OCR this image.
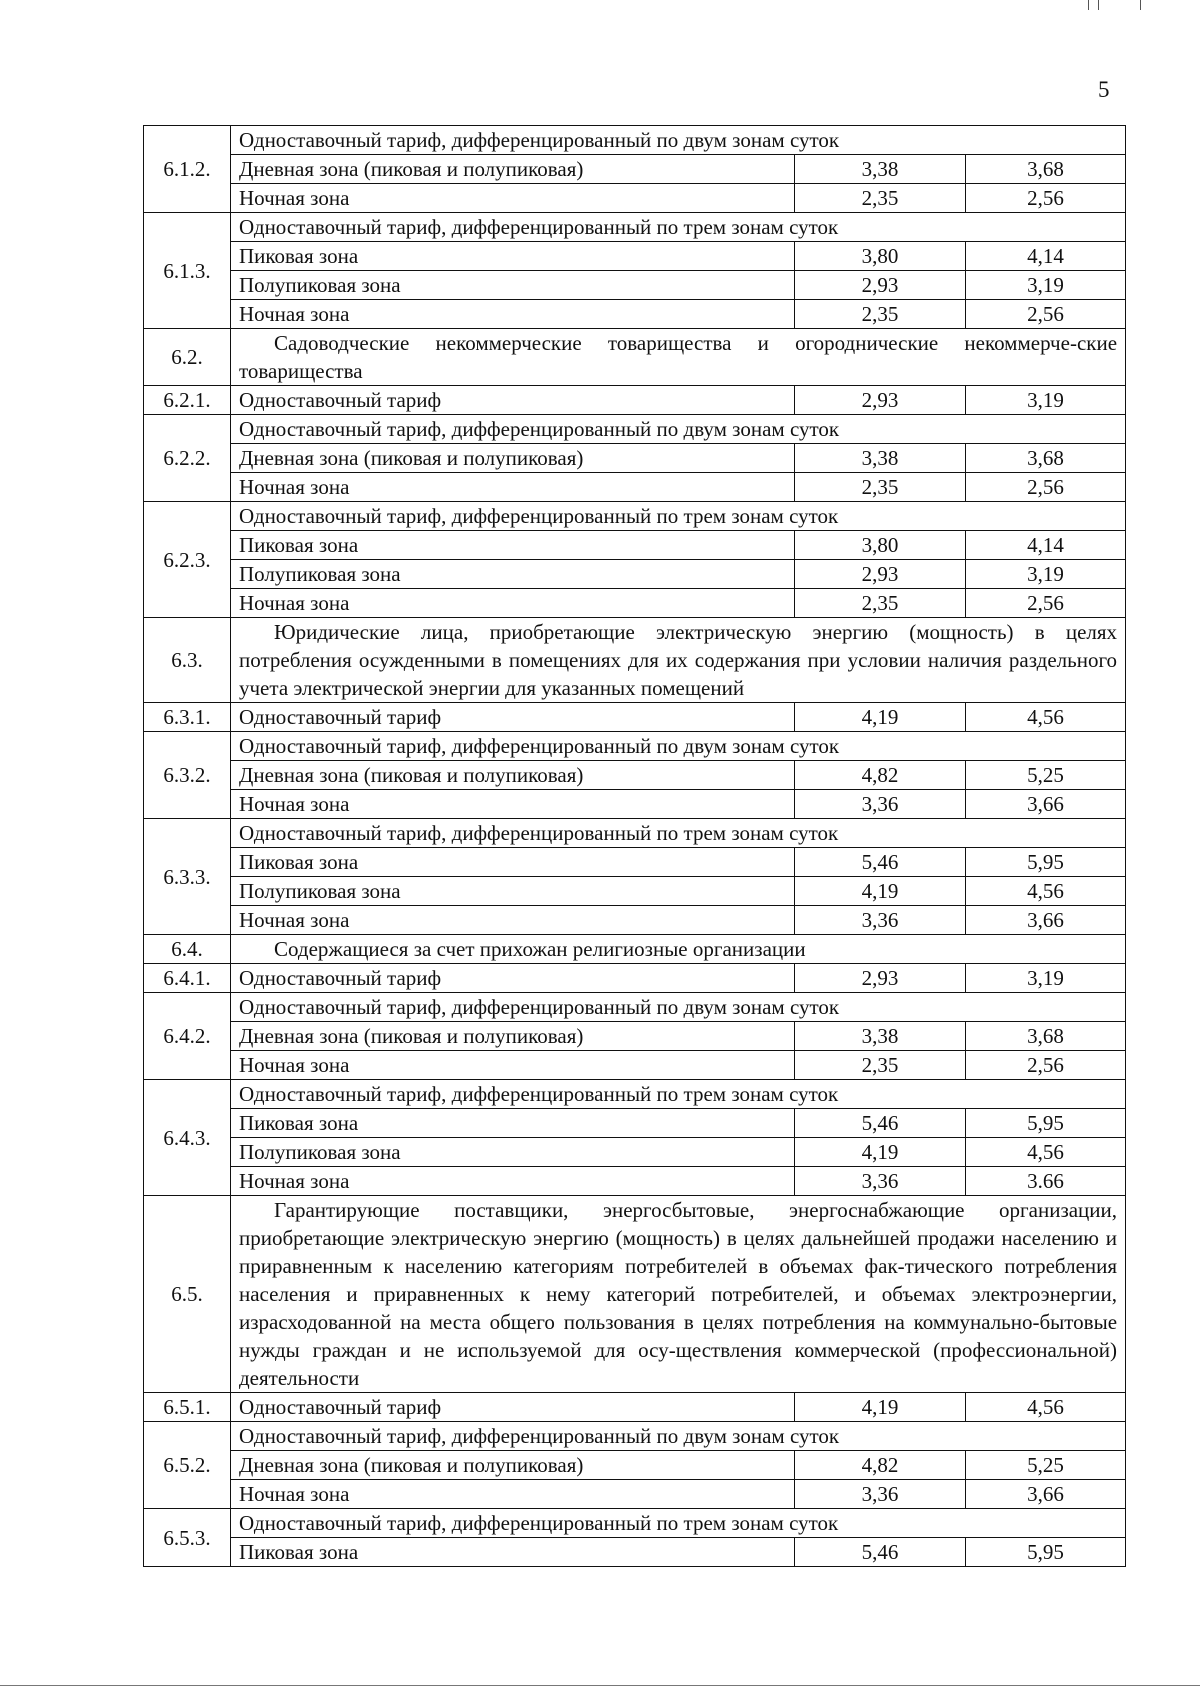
5
6.1.2.	Одноставочный тариф, дифференцированный по двум зонам суток		
	Дневная зона (пиковая и полупиковая)	3,38	3,68
	Ночная зона	2,35	2,56
6.1.3.	Одноставочный тариф, дифференцированный по трем зонам суток		
	Пиковая зона	3,80	4,14
	Полупиковая зона	2,93	3,19
	Ночная зона	2,35	2,56
6.2.	Садоводческие некоммерческие товарищества и огороднические некоммерче-ские товарищества		
6.2.1.	Одноставочный тариф	2,93	3,19
6.2.2.	Одноставочный тариф, дифференцированный по двум зонам суток		
	Дневная зона (пиковая и полупиковая)	3,38	3,68
	Ночная зона	2,35	2,56
6.2.3.	Одноставочный тариф, дифференцированный по трем зонам суток		
	Пиковая зона	3,80	4,14
	Полупиковая зона	2,93	3,19
	Ночная зона	2,35	2,56
6.3.	Юридические лица, приобретающие электрическую энергию (мощность) в целях потребления осужденными в помещениях для их содержания при условии наличия раздельного учета электрической энергии для указанных помещений		
6.3.1.	Одноставочный тариф	4,19	4,56
6.3.2.	Одноставочный тариф, дифференцированный по двум зонам суток		
	Дневная зона (пиковая и полупиковая)	4,82	5,25
	Ночная зона	3,36	3,66
6.3.3.	Одноставочный тариф, дифференцированный по трем зонам суток		
	Пиковая зона	5,46	5,95
	Полупиковая зона	4,19	4,56
	Ночная зона	3,36	3,66
6.4.	Содержащиеся за счет прихожан религиозные организации		
6.4.1.	Одноставочный тариф	2,93	3,19
6.4.2.	Одноставочный тариф, дифференцированный по двум зонам суток		
	Дневная зона (пиковая и полупиковая)	3,38	3,68
	Ночная зона	2,35	2,56
6.4.3.	Одноставочный тариф, дифференцированный по трем зонам суток		
	Пиковая зона	5,46	5,95
	Полупиковая зона	4,19	4,56
	Ночная зона	3,36	3.66
6.5.	Гарантирующие поставщики, энергосбытовые, энергоснабжающие организации, приобретающие электрическую энергию (мощность) в целях дальнейшей продажи населению и приравненным к населению категориям потребителей в объемах фак-тического потребления населения и приравненных к нему категорий потребителей, и объемах электроэнергии, израсходованной на места общего пользования в целях потребления на коммунально-бытовые нужды граждан и не используемой для осу-ществления коммерческой (профессиональной) деятельности		
6.5.1.	Одноставочный тариф	4,19	4,56
6.5.2.	Одноставочный тариф, дифференцированный по двум зонам суток		
	Дневная зона (пиковая и полупиковая)	4,82	5,25
	Ночная зона	3,36	3,66
6.5.3.	Одноставочный тариф, дифференцированный по трем зонам суток		
	Пиковая зона	5,46	5,95
